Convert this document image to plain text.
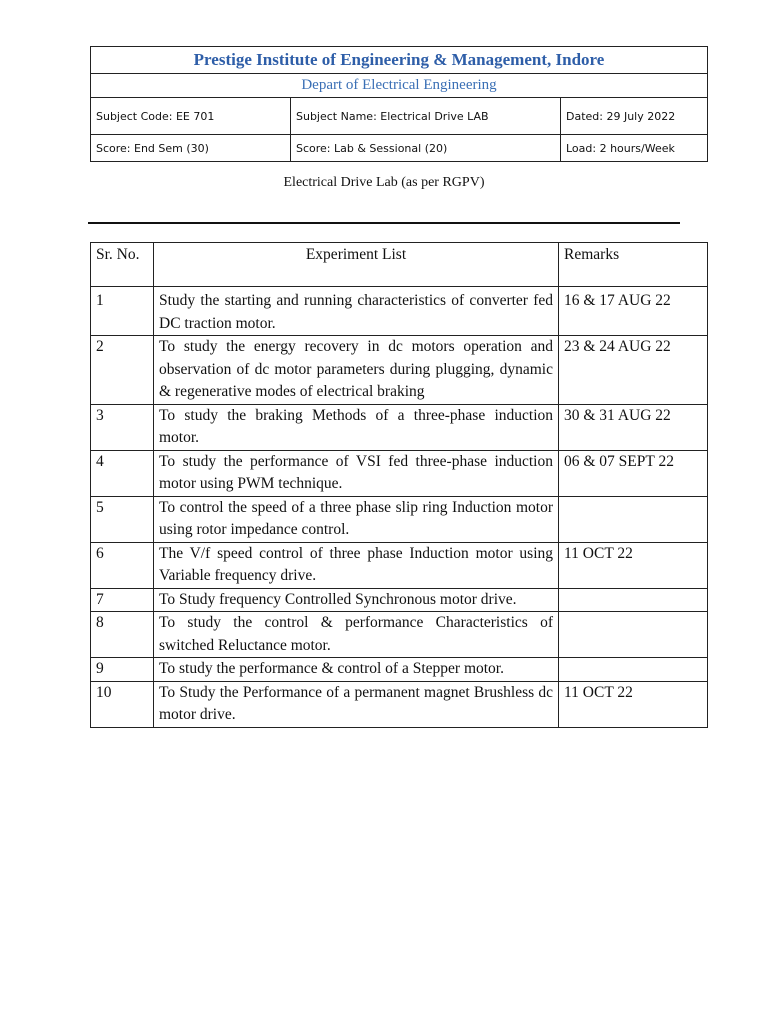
Prestige Institute of Engineering & Management, Indore		
Depart of Electrical Engineering		
Subject Code: EE 701	Subject Name: Electrical Drive LAB	Dated: 29 July 2022
Score: End Sem (30)	Score: Lab & Sessional (20)	Load: 2 hours/Week
Electrical Drive Lab (as per RGPV)
Sr. No.	Experiment List	Remarks
1	Study the starting and running characteristics of converter fed DC traction motor.	16 & 17 AUG 22
2	To study the energy recovery in dc motors operation and observation of dc motor parameters during plugging, dynamic & regenerative modes of electrical braking	23 & 24 AUG 22
3	To study the braking Methods of a three-phase induction motor.	30 & 31 AUG 22
4	To study the performance of VSI fed three-phase induction motor using PWM technique.	06 & 07 SEPT 22
5	To control the speed of a three phase slip ring Induction motor using rotor impedance control.	
6	The V/f speed control of three phase Induction motor using Variable frequency drive.	11 OCT 22
7	To Study frequency Controlled Synchronous motor drive.	
8	To study the control & performance Characteristics of switched Reluctance motor.	
9	To study the performance & control of a Stepper motor.	
10	To Study the Performance of a permanent magnet Brushless dc motor drive.	11 OCT 22
